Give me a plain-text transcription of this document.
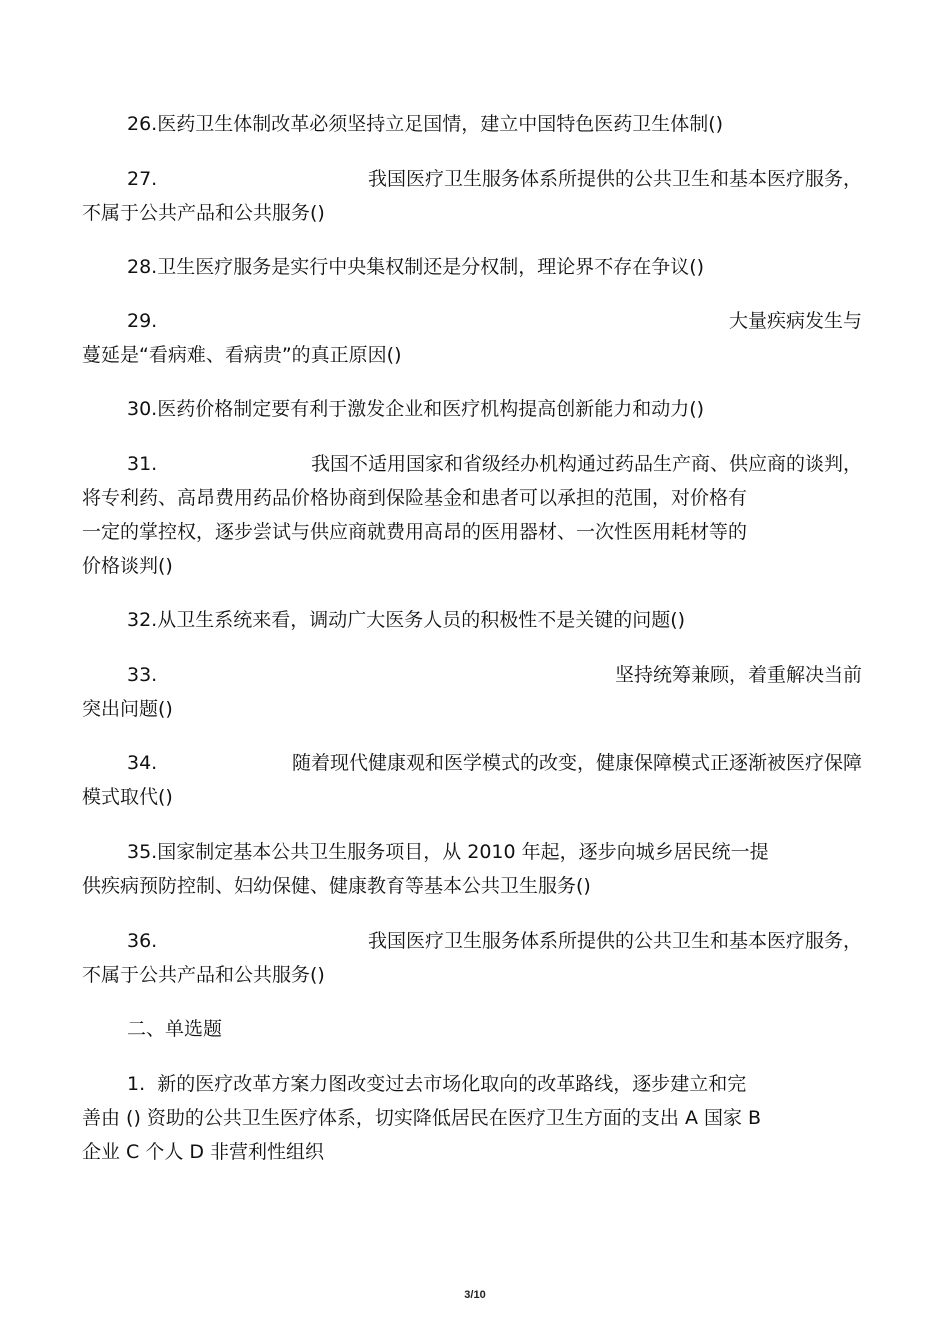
26.医药卫生体制改革必须坚持立足国情，建立中国特色医药卫生体制()

27.	我国医疗卫生服务体系所提供的公共卫生和基本医疗服务，
不属于公共产品和公共服务()

28.卫生医疗服务是实行中央集权制还是分权制，理论界不存在争议()

29.	大量疾病发生与
蔓延是“看病难、看病贵”的真正原因()

30.医药价格制定要有利于激发企业和医疗机构提高创新能力和动力()

31.	我国不适用国家和省级经办机构通过药品生产商、供应商的谈判，
将专利药、高昂费用药品价格协商到保险基金和患者可以承担的范围，对价格有
一定的掌控权，逐步尝试与供应商就费用高昂的医用器材、一次性医用耗材等的
价格谈判()

32.从卫生系统来看，调动广大医务人员的积极性不是关键的问题()

33.	坚持统筹兼顾，着重解决当前
突出问题()
34.	随着现代健康观和医学模式的改变，健康保障模式正逐渐被医疗保障
模式取代()
35.国家制定基本公共卫生服务项目，从 2010 年起，逐步向城乡居民统一提
供疾病预防控制、妇幼保健、健康教育等基本公共卫生服务()
36.	我国医疗卫生服务体系所提供的公共卫生和基本医疗服务，
不属于公共产品和公共服务()
二、单选题
1. 新的医疗改革方案力图改变过去市场化取向的改革路线，逐步建立和完
善由 () 资助的公共卫生医疗体系，切实降低居民在医疗卫生方面的支出 A 国家 B
企业 C 个人 D 非营利性组织
3/10
